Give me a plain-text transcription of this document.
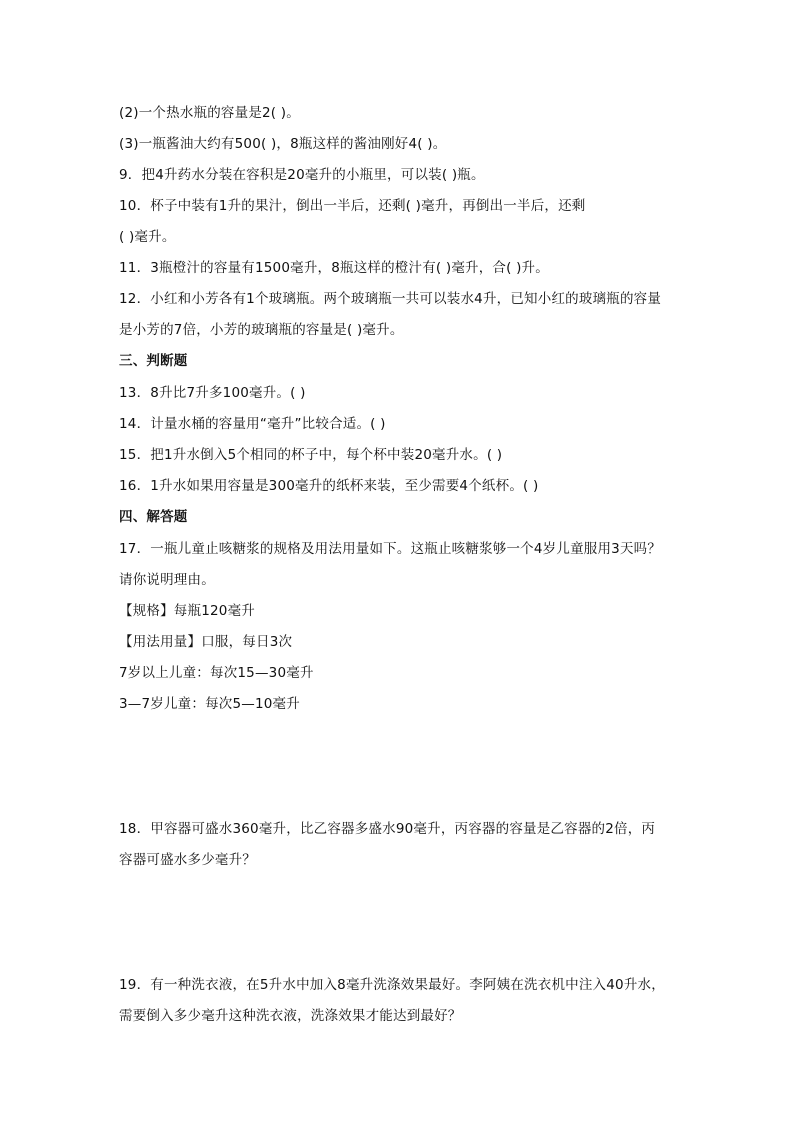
(2)一个热水瓶的容量是2( )。
(3)一瓶酱油大约有500( )，8瓶这样的酱油刚好4( )。
9．把4升药水分装在容积是20毫升的小瓶里，可以装( )瓶。
10．杯子中装有1升的果汁，倒出一半后，还剩( )毫升，再倒出一半后，还剩
( )毫升。
11．3瓶橙汁的容量有1500毫升，8瓶这样的橙汁有( )毫升，合( )升。
12．小红和小芳各有1个玻璃瓶。两个玻璃瓶一共可以装水4升，已知小红的玻璃瓶的容量
是小芳的7倍，小芳的玻璃瓶的容量是( )毫升。
三、判断题
13．8升比7升多100毫升。( )
14．计量水桶的容量用“毫升”比较合适。( )
15．把1升水倒入5个相同的杯子中，每个杯中装20毫升水。( )
16．1升水如果用容量是300毫升的纸杯来装，至少需要4个纸杯。( )
四、解答题
17．一瓶儿童止咳糖浆的规格及用法用量如下。这瓶止咳糖浆够一个4岁儿童服用3天吗？
请你说明理由。
【规格】每瓶120毫升
【用法用量】口服，每日3次
7岁以上儿童：每次15—30毫升
3—7岁儿童：每次5—10毫升
18．甲容器可盛水360毫升，比乙容器多盛水90毫升，丙容器的容量是乙容器的2倍，丙
容器可盛水多少毫升？
19．有一种洗衣液，在5升水中加入8毫升洗涤效果最好。李阿姨在洗衣机中注入40升水，
需要倒入多少毫升这种洗衣液，洗涤效果才能达到最好？
